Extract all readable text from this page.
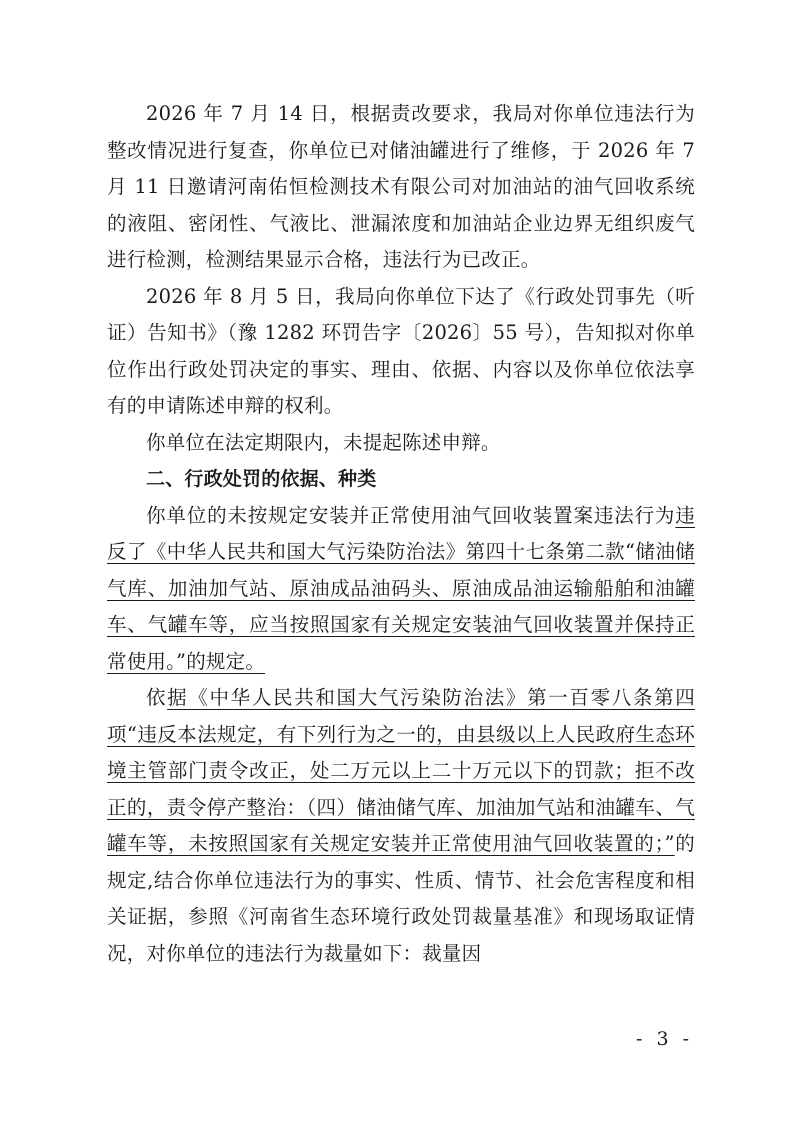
2026 年 7 月 14 日，根据责改要求，我局对你单位违法行为整改情况进行复查，你单位已对储油罐进行了维修，于 2026 年 7 月 11 日邀请河南佑恒检测技术有限公司对加油站的油气回收系统的液阻、密闭性、气液比、泄漏浓度和加油站企业边界无组织废气进行检测，检测结果显示合格，违法行为已改正。

2026 年 8 月 5 日，我局向你单位下达了《行政处罚事先（听证）告知书》（豫 1282 环罚告字〔2026〕55 号），告知拟对你单位作出行政处罚决定的事实、理由、依据、内容以及你单位依法享有的申请陈述申辩的权利。

你单位在法定期限内，未提起陈述申辩。

二、行政处罚的依据、种类

你单位的未按规定安装并正常使用油气回收装置案违法行为违反了《中华人民共和国大气污染防治法》第四十七条第二款“储油储气库、加油加气站、原油成品油码头、原油成品油运输船舶和油罐车、气罐车等，应当按照国家有关规定安装油气回收装置并保持正常使用。”的规定。

依据《中华人民共和国大气污染防治法》第一百零八条第四项“违反本法规定，有下列行为之一的，由县级以上人民政府生态环境主管部门责令改正，处二万元以上二十万元以下的罚款；拒不改正的，责令停产整治：（四）储油储气库、加油加气站和油罐车、气罐车等，未按照国家有关规定安装并正常使用油气回收装置的；”的规定,结合你单位违法行为的事实、性质、情节、社会危害程度和相关证据，参照《河南省生态环境行政处罚裁量基准》和现场取证情况，对你单位的违法行为裁量如下：裁量因

- 3 -
